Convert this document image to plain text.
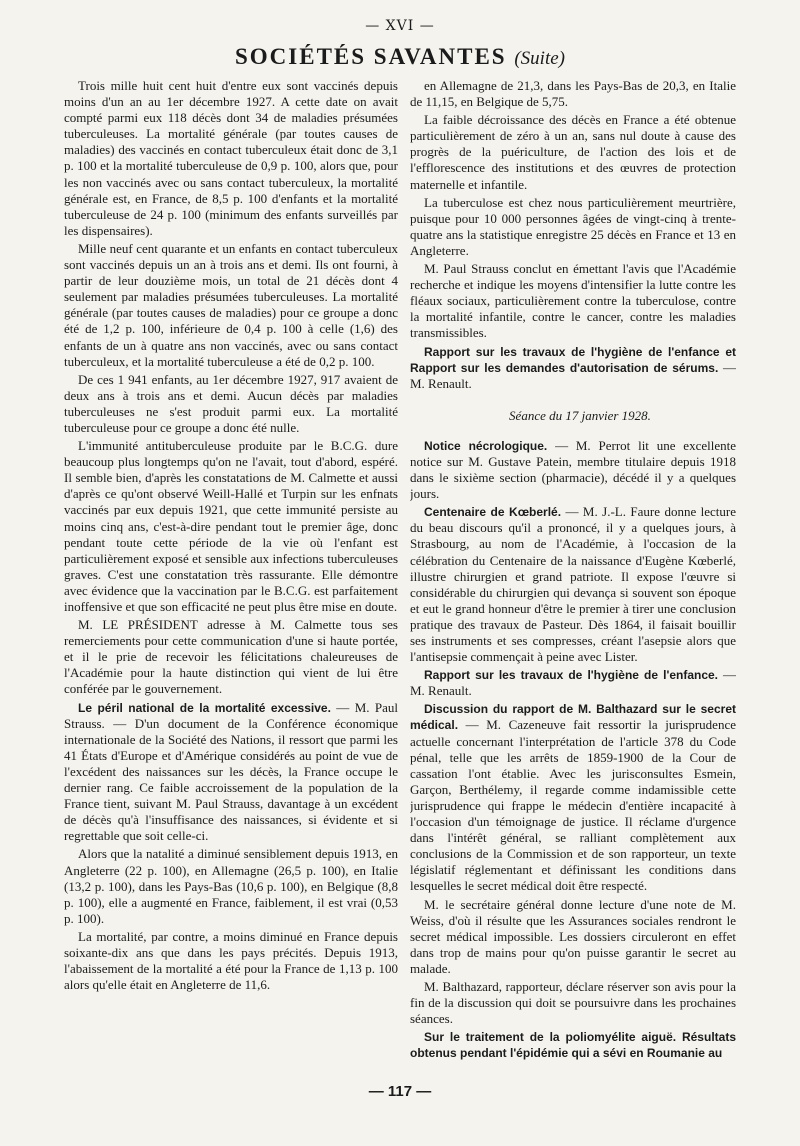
— XVI —
SOCIÉTÉS SAVANTES (Suite)

Trois mille huit cent huit d'entre eux sont vaccinés depuis moins d'un an au 1er décembre 1927. A cette date on avait compté parmi eux 118 décès dont 34 de maladies présumées tuberculeuses. La mortalité générale (par toutes causes de maladies) des vaccinés en contact tuberculeux était donc de 3,1 p. 100 et la mortalité tuberculeuse de 0,9 p. 100, alors que, pour les non vaccinés avec ou sans contact tuberculeux, la mortalité générale est, en France, de 8,5 p. 100 d'enfants et la mortalité tuberculeuse de 24 p. 100 (minimum des enfants surveillés par les dispensaires).

Mille neuf cent quarante et un enfants en contact tuberculeux sont vaccinés depuis un an à trois ans et demi. Ils ont fourni, à partir de leur douzième mois, un total de 21 décès dont 4 seulement par maladies présumées tuberculeuses. La mortalité générale (par toutes causes de maladies) pour ce groupe a donc été de 1,2 p. 100, inférieure de 0,4 p. 100 à celle (1,6) des enfants de un à quatre ans non vaccinés, avec ou sans contact tuberculeux, et la mortalité tuberculeuse a été de 0,2 p. 100.

De ces 1 941 enfants, au 1er décembre 1927, 917 avaient de deux ans à trois ans et demi. Aucun décès par maladies tuberculeuses ne s'est produit parmi eux. La mortalité tuberculeuse pour ce groupe a donc été nulle.

L'immunité antituberculeuse produite par le B.C.G. dure beaucoup plus longtemps qu'on ne l'avait, tout d'abord, espéré. Il semble bien, d'après les constatations de M. Calmette et aussi d'après ce qu'ont observé Weill-Hallé et Turpin sur les enfnats vaccinés par eux depuis 1921, que cette immunité persiste au moins cinq ans, c'est-à-dire pendant tout le premier âge, donc pendant toute cette période de la vie où l'enfant est particulièrement exposé et sensible aux infections tuberculeuses graves. C'est une constatation très rassurante. Elle démontre avec évidence que la vaccination par le B.C.G. est parfaitement inoffensive et que son efficacité ne peut plus être mise en doute.

M. LE PRÉSIDENT adresse à M. Calmette tous ses remerciements pour cette communication d'une si haute portée, et il le prie de recevoir les félicitations chaleureuses de l'Académie pour la haute distinction qui vient de lui être conférée par le gouvernement.

Le péril national de la mortalité excessive. — M. Paul Strauss. — D'un document de la Conférence économique internationale de la Société des Nations, il ressort que parmi les 41 États d'Europe et d'Amérique considérés au point de vue de l'excédent des naissances sur les décès, la France occupe le dernier rang. Ce faible accroissement de la population de la France tient, suivant M. Paul Strauss, davantage à un excédent de décès qu'à l'insuffisance des naissances, si évidente et si regrettable que soit celle-ci.

Alors que la natalité a diminué sensiblement depuis 1913, en Angleterre (22 p. 100), en Allemagne (26,5 p. 100), en Italie (13,2 p. 100), dans les Pays-Bas (10,6 p. 100), en Belgique (8,8 p. 100), elle a augmenté en France, faiblement, il est vrai (0,53 p. 100).

La mortalité, par contre, a moins diminué en France depuis soixante-dix ans que dans les pays précités. Depuis 1913, l'abaissement de la mortalité a été pour la France de 1,13 p. 100 alors qu'elle était en Angleterre de 11,6.

en Allemagne de 21,3, dans les Pays-Bas de 20,3, en Italie de 11,15, en Belgique de 5,75.

La faible décroissance des décès en France a été obtenue particulièrement de zéro à un an, sans nul doute à cause des progrès de la puériculture, de l'action des lois et de l'efflorescence des institutions et des œuvres de protection maternelle et infantile.

La tuberculose est chez nous particulièrement meurtrière, puisque pour 10 000 personnes âgées de vingt-cinq à trente-quatre ans la statistique enregistre 25 décès en France et 13 en Angleterre.

M. Paul Strauss conclut en émettant l'avis que l'Académie recherche et indique les moyens d'intensifier la lutte contre les fléaux sociaux, particulièrement contre la tuberculose, contre la mortalité infantile, contre le cancer, contre les maladies transmissibles.

Rapport sur les travaux de l'hygiène de l'enfance et Rapport sur les demandes d'autorisation de sérums. — M. Renault.

Séance du 17 janvier 1928.

Notice nécrologique. — M. Perrot lit une excellente notice sur M. Gustave Patein, membre titulaire depuis 1918 dans le sixième section (pharmacie), décédé il y a quelques jours.

Centenaire de Kœberlé. — M. J.-L. Faure donne lecture du beau discours qu'il a prononcé, il y a quelques jours, à Strasbourg, au nom de l'Académie, à l'occasion de la célébration du Centenaire de la naissance d'Eugène Kœberlé, illustre chirurgien et grand patriote. Il expose l'œuvre si considérable du chirurgien qui devança si souvent son époque et eut le grand honneur d'être le premier à tirer une conclusion pratique des travaux de Pasteur. Dès 1864, il faisait bouillir ses instruments et ses compresses, créant l'asepsie alors que l'antisepsie commençait à peine avec Lister.

Rapport sur les travaux de l'hygiène de l'enfance. — M. Renault.

Discussion du rapport de M. Balthazard sur le secret médical. — M. Cazeneuve fait ressortir la jurisprudence actuelle concernant l'interprétation de l'article 378 du Code pénal, telle que les arrêts de 1859-1900 de la Cour de cassation l'ont établie. Avec les jurisconsultes Esmein, Garçon, Berthélemy, il regarde comme indamissible cette jurisprudence qui frappe le médecin d'entière incapacité à l'occasion d'un témoignage de justice. Il réclame d'urgence dans l'intérêt général, se ralliant complètement aux conclusions de la Commission et de son rapporteur, un texte législatif réglementant et définissant les conditions dans lesquelles le secret médical doit être respecté.

M. le secrétaire général donne lecture d'une note de M. Weiss, d'où il résulte que les Assurances sociales rendront le secret médical impossible. Les dossiers circuleront en effet dans trop de mains pour qu'on puisse garantir le secret au malade.

M. Balthazard, rapporteur, déclare réserver son avis pour la fin de la discussion qui doit se poursuivre dans les prochaines séances.

Sur le traitement de la poliomyélite aiguë. Résultats obtenus pendant l'épidémie qui a sévi en Roumanie au

— 117 —
